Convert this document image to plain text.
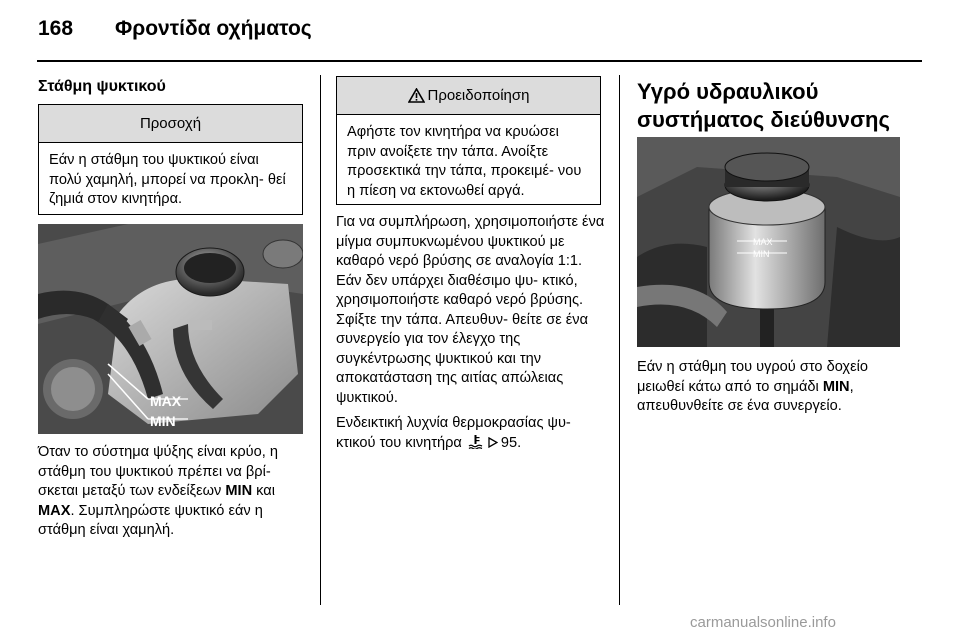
168 Φροντίδα οχήματος
Στάθμη ψυκτικού
Προσοχή
Εάν η στάθμη του ψυκτικού είναι πολύ χαμηλή, μπορεί να προκλη- θεί ζημιά στον κινητήρα.
MAX
MIN

Όταν το σύστημα ψύξης είναι κρύο, η στάθμη του ψυκτικού πρέπει να βρί- σκεται μεταξύ των ενδείξεων MIN και MAX. Συμπληρώστε ψυκτικό εάν η στάθμη είναι χαμηλή.

Προειδοποίηση
Αφήστε τον κινητήρα να κρυώσει πριν ανοίξετε την τάπα. Ανοίξτε προσεκτικά την τάπα, προκειμέ- νου η πίεση να εκτονωθεί αργά.

Για να συμπλήρωση, χρησιμοποιήστε ένα μίγμα συμπυκνωμένου ψυκτικού με καθαρό νερό βρύσης σε αναλογία 1:1. Εάν δεν υπάρχει διαθέσιμο ψυ- κτικό, χρησιμοποιήστε καθαρό νερό βρύσης. Σφίξτε την τάπα. Απευθυν- θείτε σε ένα συνεργείο για τον έλεγχο της συγκέντρωσης ψυκτικού και την αποκατάσταση της αιτίας απώλειας ψυκτικού.

Ενδεικτική λυχνία θερμοκρασίας ψυ- κτικού του κινητήρα	95.

Υγρό υδραυλικού συστήματος διεύθυνσης
MAX
MIN

Εάν η στάθμη του υγρού στο δοχείο μειωθεί κάτω από το σημάδι MIN, απευθυνθείτε σε ένα συνεργείο.

carmanualsonline.info
